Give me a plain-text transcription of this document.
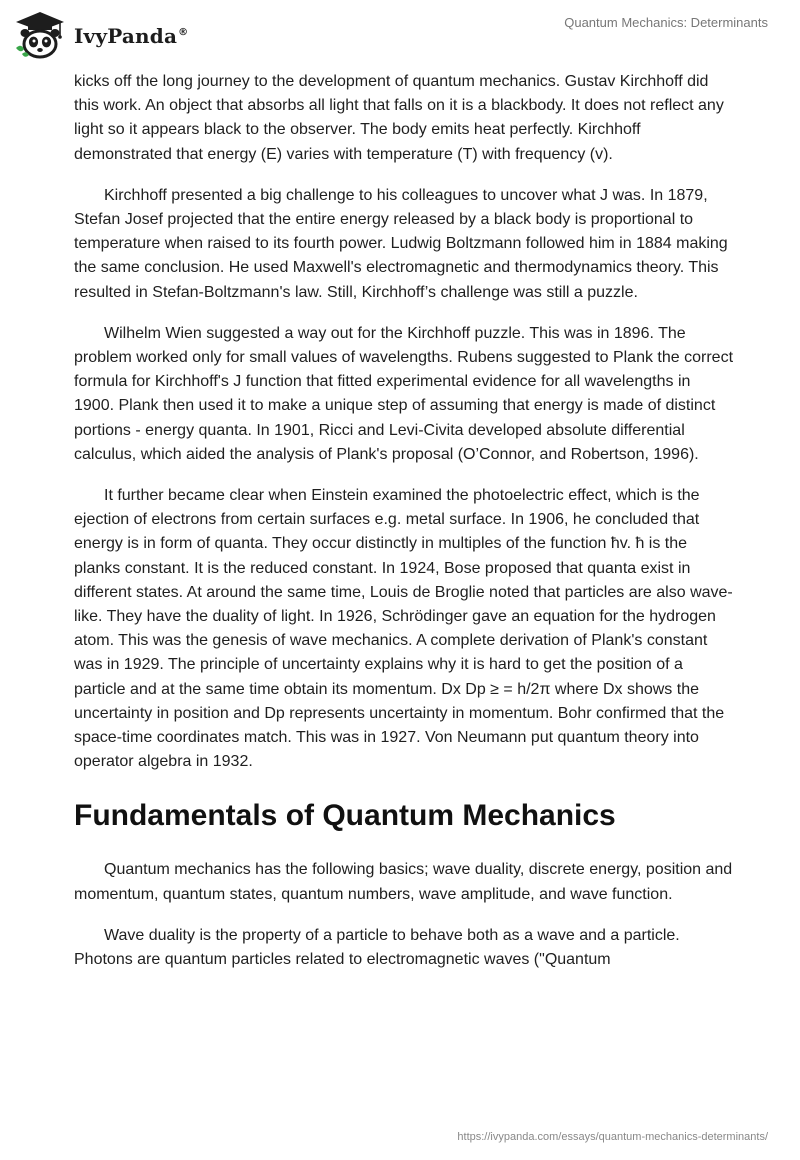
IvyPanda®
Quantum Mechanics: Determinants

kicks off the long journey to the development of quantum mechanics. Gustav Kirchhoff did this work. An object that absorbs all light that falls on it is a blackbody. It does not reflect any light so it appears black to the observer. The body emits heat perfectly. Kirchhoff demonstrated that energy (E) varies with temperature (T) with frequency (v).

Kirchhoff presented a big challenge to his colleagues to uncover what J was. In 1879, Stefan Josef projected that the entire energy released by a black body is proportional to temperature when raised to its fourth power. Ludwig Boltzmann followed him in 1884 making the same conclusion. He used Maxwell's electromagnetic and thermodynamics theory. This resulted in Stefan-Boltzmann's law. Still, Kirchhoff’s challenge was still a puzzle.

Wilhelm Wien suggested a way out for the Kirchhoff puzzle. This was in 1896. The problem worked only for small values of wavelengths. Rubens suggested to Plank the correct formula for Kirchhoff's J function that fitted experimental evidence for all wavelengths in 1900. Plank then used it to make a unique step of assuming that energy is made of distinct portions - energy quanta. In 1901, Ricci and Levi-Civita developed absolute differential calculus, which aided the analysis of Plank's proposal (O’Connor, and Robertson, 1996).

It further became clear when Einstein examined the photoelectric effect, which is the ejection of electrons from certain surfaces e.g. metal surface. In 1906, he concluded that energy is in form of quanta. They occur distinctly in multiples of the function ħv. ħ is the planks constant. It is the reduced constant. In 1924, Bose proposed that quanta exist in different states. At around the same time, Louis de Broglie noted that particles are also wave-like. They have the duality of light. In 1926, Schrödinger gave an equation for the hydrogen atom. This was the genesis of wave mechanics. A complete derivation of Plank's constant was in 1929. The principle of uncertainty explains why it is hard to get the position of a particle and at the same time obtain its momentum. Dx Dp ≥ = h/2π where Dx shows the uncertainty in position and Dp represents uncertainty in momentum. Bohr confirmed that the space-time coordinates match. This was in 1927. Von Neumann put quantum theory into operator algebra in 1932.

Fundamentals of Quantum Mechanics

Quantum mechanics has the following basics; wave duality, discrete energy, position and momentum, quantum states, quantum numbers, wave amplitude, and wave function.

Wave duality is the property of a particle to behave both as a wave and a particle. Photons are quantum particles related to electromagnetic waves ("Quantum

https://ivypanda.com/essays/quantum-mechanics-determinants/
